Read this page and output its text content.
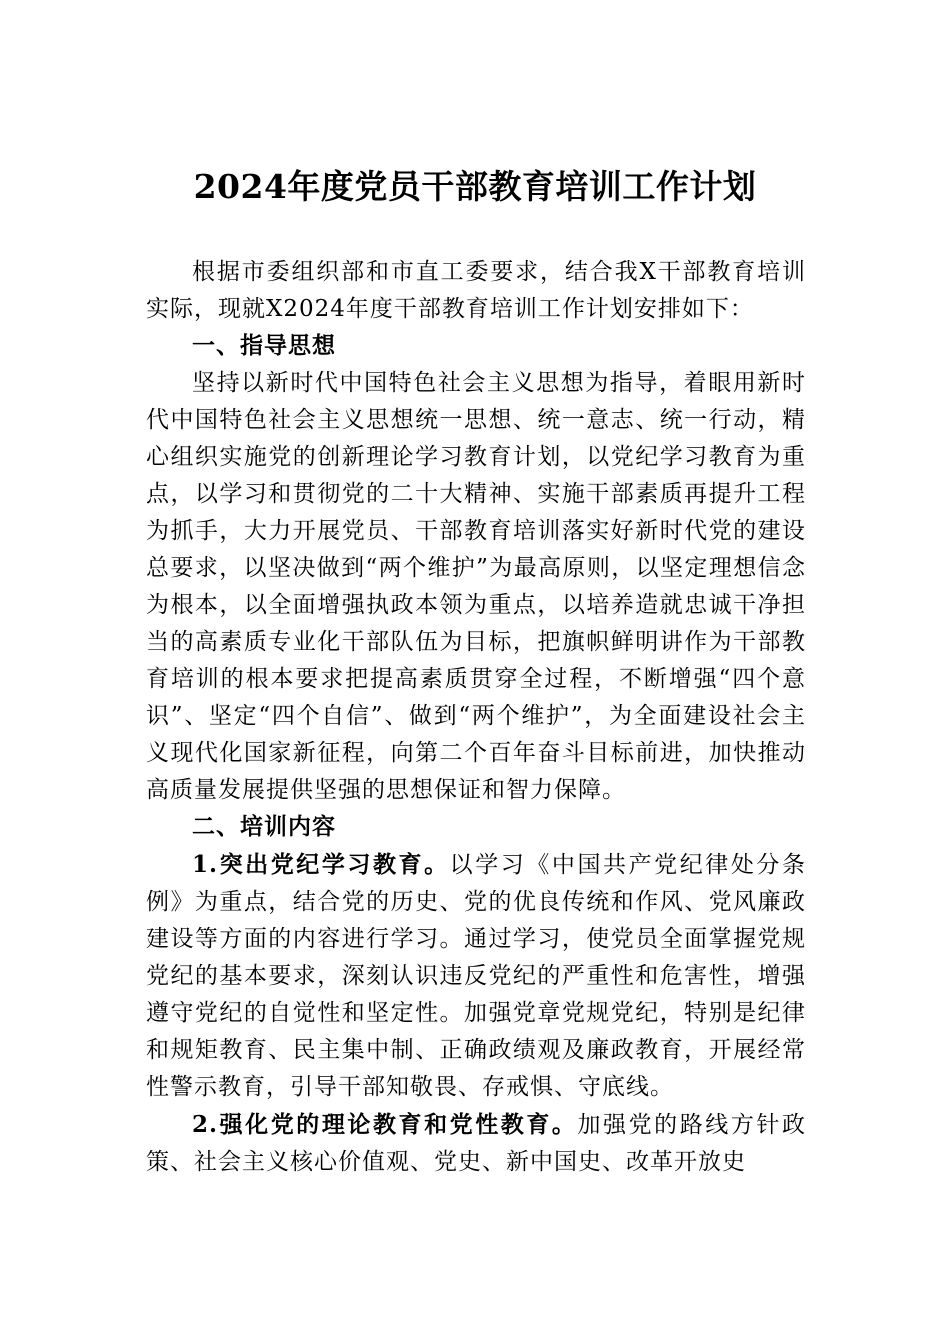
2024年度党员干部教育培训工作计划

根据市委组织部和市直工委要求，结合我X干部教育培训实际，现就X2024年度干部教育培训工作计划安排如下：

一、指导思想

坚持以新时代中国特色社会主义思想为指导，着眼用新时代中国特色社会主义思想统一思想、统一意志、统一行动，精心组织实施党的创新理论学习教育计划，以党纪学习教育为重点，以学习和贯彻党的二十大精神、实施干部素质再提升工程为抓手，大力开展党员、干部教育培训落实好新时代党的建设总要求，以坚决做到“两个维护”为最高原则，以坚定理想信念为根本，以全面增强执政本领为重点，以培养造就忠诚干净担当的高素质专业化干部队伍为目标，把旗帜鲜明讲作为干部教育培训的根本要求把提高素质贯穿全过程，不断增强“四个意识”、坚定“四个自信”、做到“两个维护”，为全面建设社会主义现代化国家新征程，向第二个百年奋斗目标前进，加快推动高质量发展提供坚强的思想保证和智力保障。

二、培训内容

1.突出党纪学习教育。以学习《中国共产党纪律处分条例》为重点，结合党的历史、党的优良传统和作风、党风廉政建设等方面的内容进行学习。通过学习，使党员全面掌握党规党纪的基本要求，深刻认识违反党纪的严重性和危害性，增强遵守党纪的自觉性和坚定性。加强党章党规党纪，特别是纪律和规矩教育、民主集中制、正确政绩观及廉政教育，开展经常性警示教育，引导干部知敬畏、存戒惧、守底线。

2.强化党的理论教育和党性教育。加强党的路线方针政策、社会主义核心价值观、党史、新中国史、改革开放史
